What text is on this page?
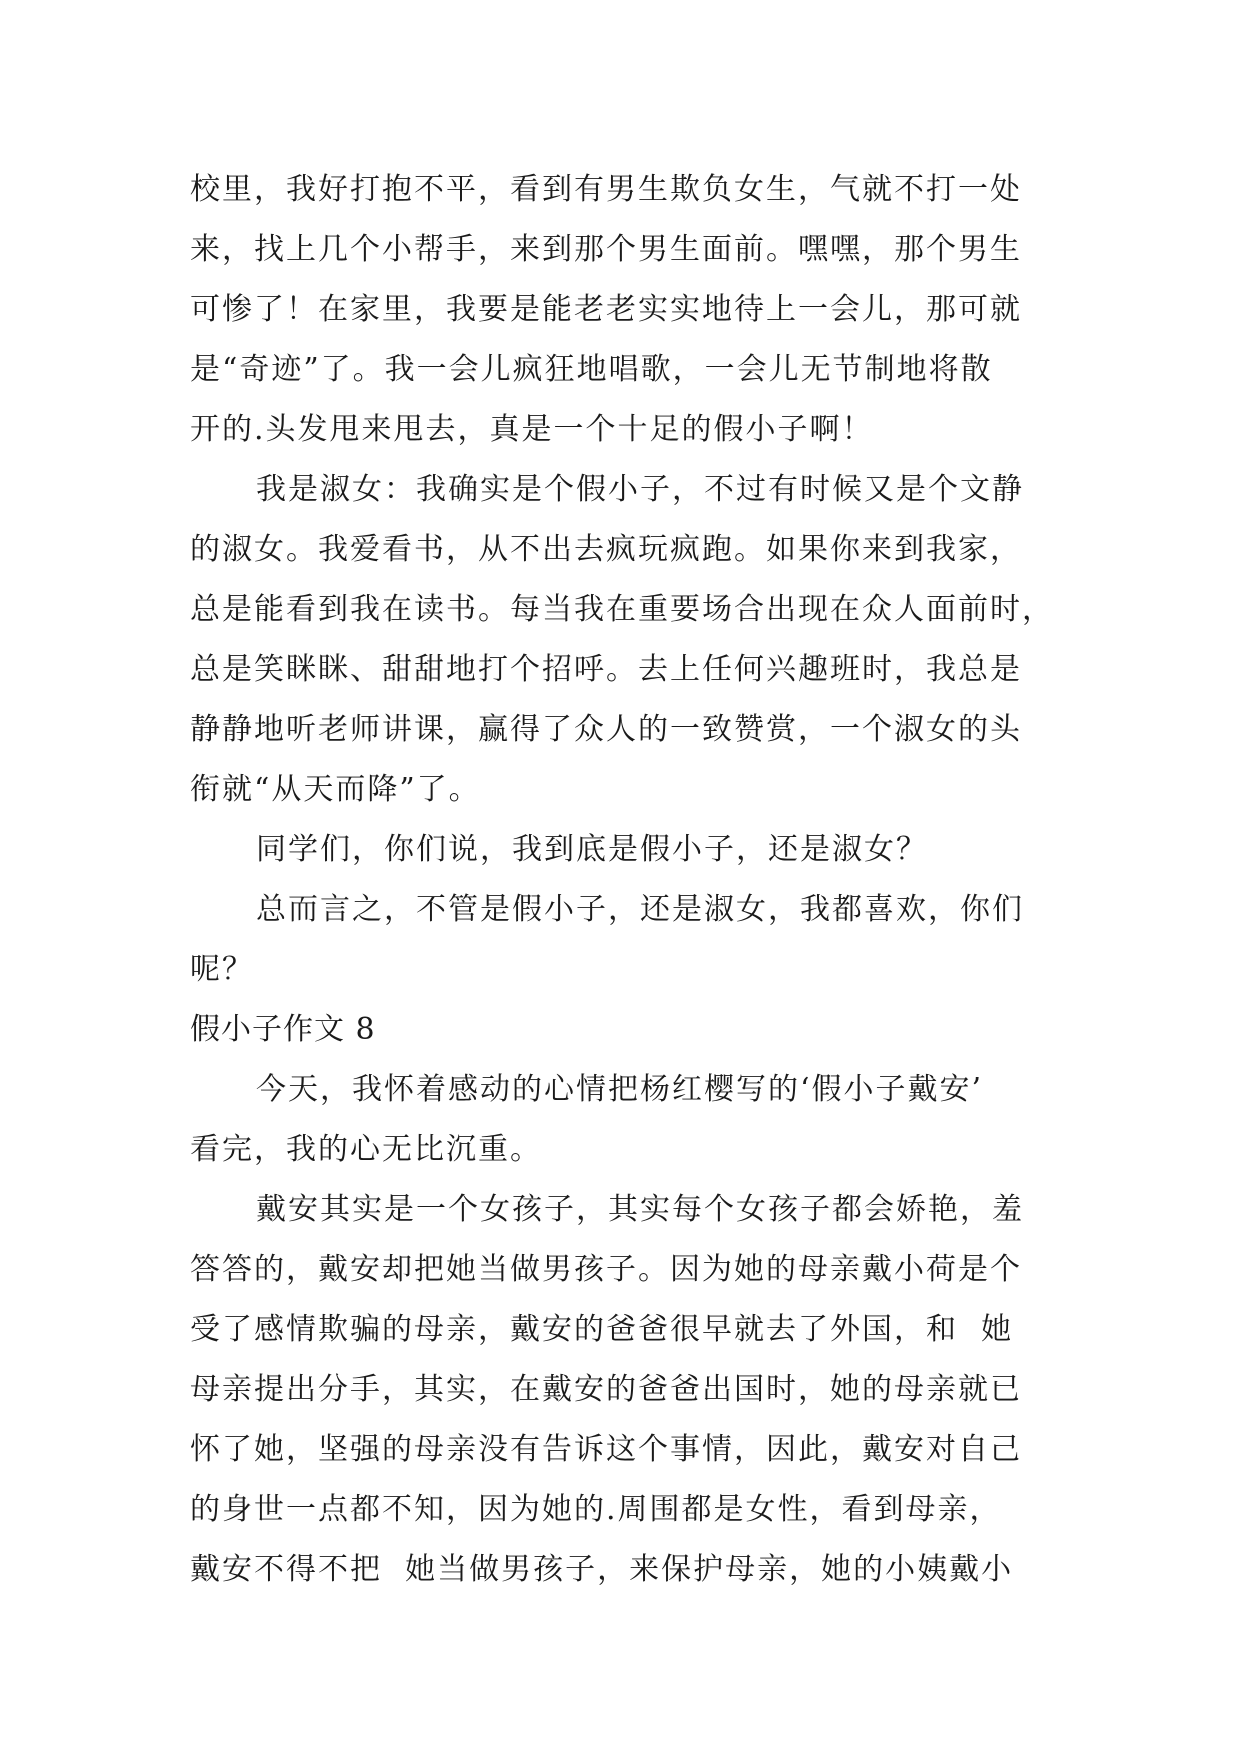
校里，我好打抱不平，看到有男生欺负女生，气就不打一处
来，找上几个小帮手，来到那个男生面前。嘿嘿，那个男生
可惨了！在家里，我要是能老老实实地待上一会儿，那可就
是“奇迹”了。我一会儿疯狂地唱歌，一会儿无节制地将散
开的.头发甩来甩去，真是一个十足的假小子啊！
我是淑女：我确实是个假小子，不过有时候又是个文静
的淑女。我爱看书，从不出去疯玩疯跑。如果你来到我家，
总是能看到我在读书。每当我在重要场合出现在众人面前时，
总是笑眯眯、甜甜地打个招呼。去上任何兴趣班时，我总是
静静地听老师讲课，赢得了众人的一致赞赏，一个淑女的头
衔就“从天而降”了。
同学们，你们说，我到底是假小子，还是淑女？
总而言之，不管是假小子，还是淑女，我都喜欢，你们
呢？
假小子作文 8
今天，我怀着感动的心情把杨红樱写的‘假小子戴安’
看完，我的心无比沉重。
戴安其实是一个女孩子，其实每个女孩子都会娇艳，羞
答答的，戴安却把她当做男孩子。因为她的母亲戴小荷是个
受了感情欺骗的母亲，戴安的爸爸很早就去了外国，和  她
母亲提出分手，其实，在戴安的爸爸出国时，她的母亲就已
怀了她，坚强的母亲没有告诉这个事情，因此，戴安对自己
的身世一点都不知，因为她的.周围都是女性，看到母亲，
戴安不得不把  她当做男孩子，来保护母亲，她的小姨戴小
